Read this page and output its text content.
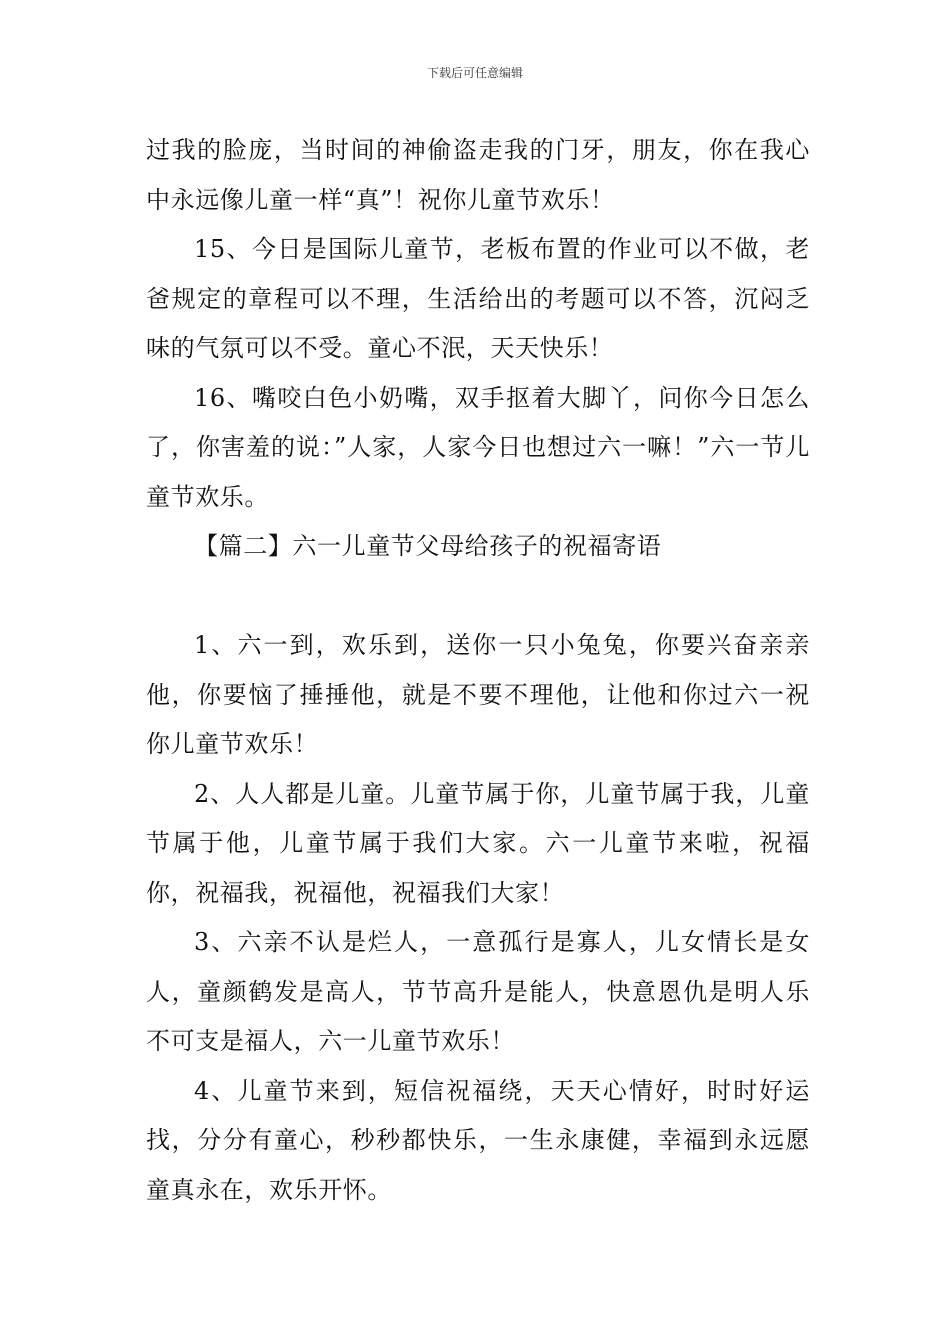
下载后可任意编辑

过我的脸庞，当时间的神偷盗走我的门牙，朋友，你在我心中永远像儿童一样“真”！祝你儿童节欢乐！

15、今日是国际儿童节，老板布置的作业可以不做，老爸规定的章程可以不理，生活给出的考题可以不答，沉闷乏味的气氛可以不受。童心不泯，天天快乐！

16、嘴咬白色小奶嘴，双手抠着大脚丫，问你今日怎么了，你害羞的说：”人家，人家今日也想过六一嘛！”六一节儿童节欢乐。

【篇二】六一儿童节父母给孩子的祝福寄语

1、六一到，欢乐到，送你一只小兔兔，你要兴奋亲亲他，你要恼了捶捶他，就是不要不理他，让他和你过六一祝你儿童节欢乐！

2、人人都是儿童。儿童节属于你，儿童节属于我，儿童节属于他，儿童节属于我们大家。六一儿童节来啦，祝福你，祝福我，祝福他，祝福我们大家！

3、六亲不认是烂人，一意孤行是寡人，儿女情长是女人，童颜鹤发是高人，节节高升是能人，快意恩仇是明人乐不可支是福人，六一儿童节欢乐！

4、儿童节来到，短信祝福绕，天天心情好，时时好运找，分分有童心，秒秒都快乐，一生永康健，幸福到永远愿童真永在，欢乐开怀。
